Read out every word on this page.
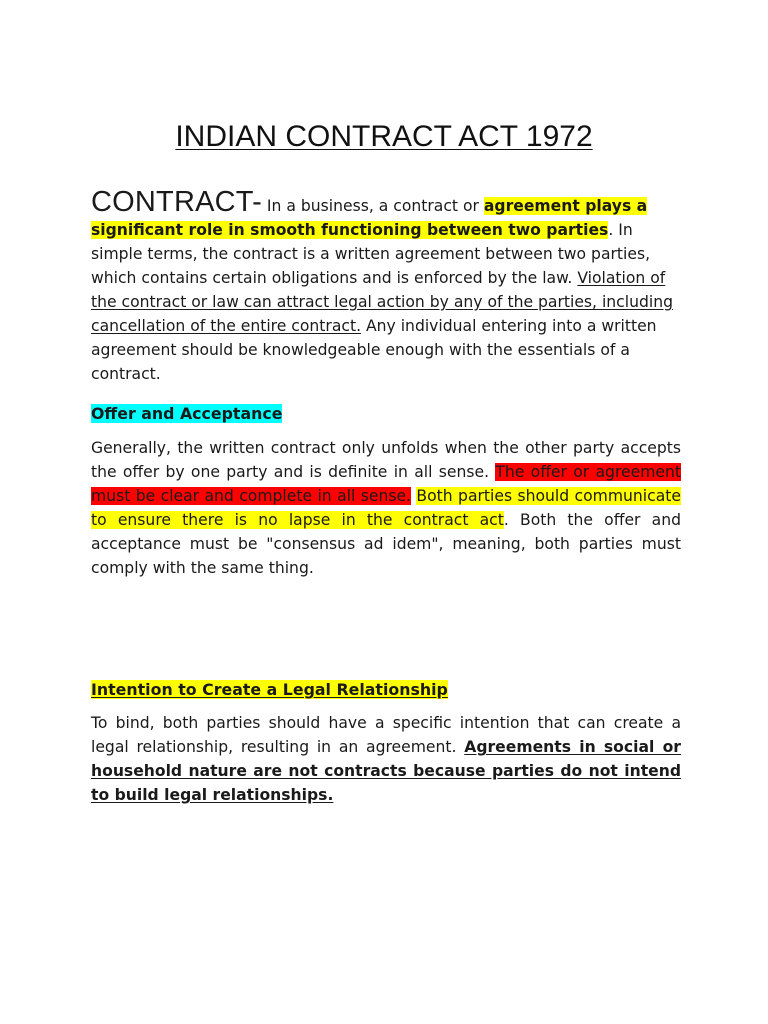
INDIAN CONTRACT ACT 1972
CONTRACT- In a business, a contract or agreement plays a significant role in smooth functioning between two parties. In simple terms, the contract is a written agreement between two parties, which contains certain obligations and is enforced by the law. Violation of the contract or law can attract legal action by any of the parties, including cancellation of the entire contract. Any individual entering into a written agreement should be knowledgeable enough with the essentials of a contract.
Offer and Acceptance
Generally, the written contract only unfolds when the other party accepts the offer by one party and is definite in all sense. The offer or agreement must be clear and complete in all sense. Both parties should communicate to ensure there is no lapse in the contract act. Both the offer and acceptance must be "consensus ad idem", meaning, both parties must comply with the same thing.
Intention to Create a Legal Relationship
To bind, both parties should have a specific intention that can create a legal relationship, resulting in an agreement. Agreements in social or household nature are not contracts because parties do not intend to build legal relationships.
